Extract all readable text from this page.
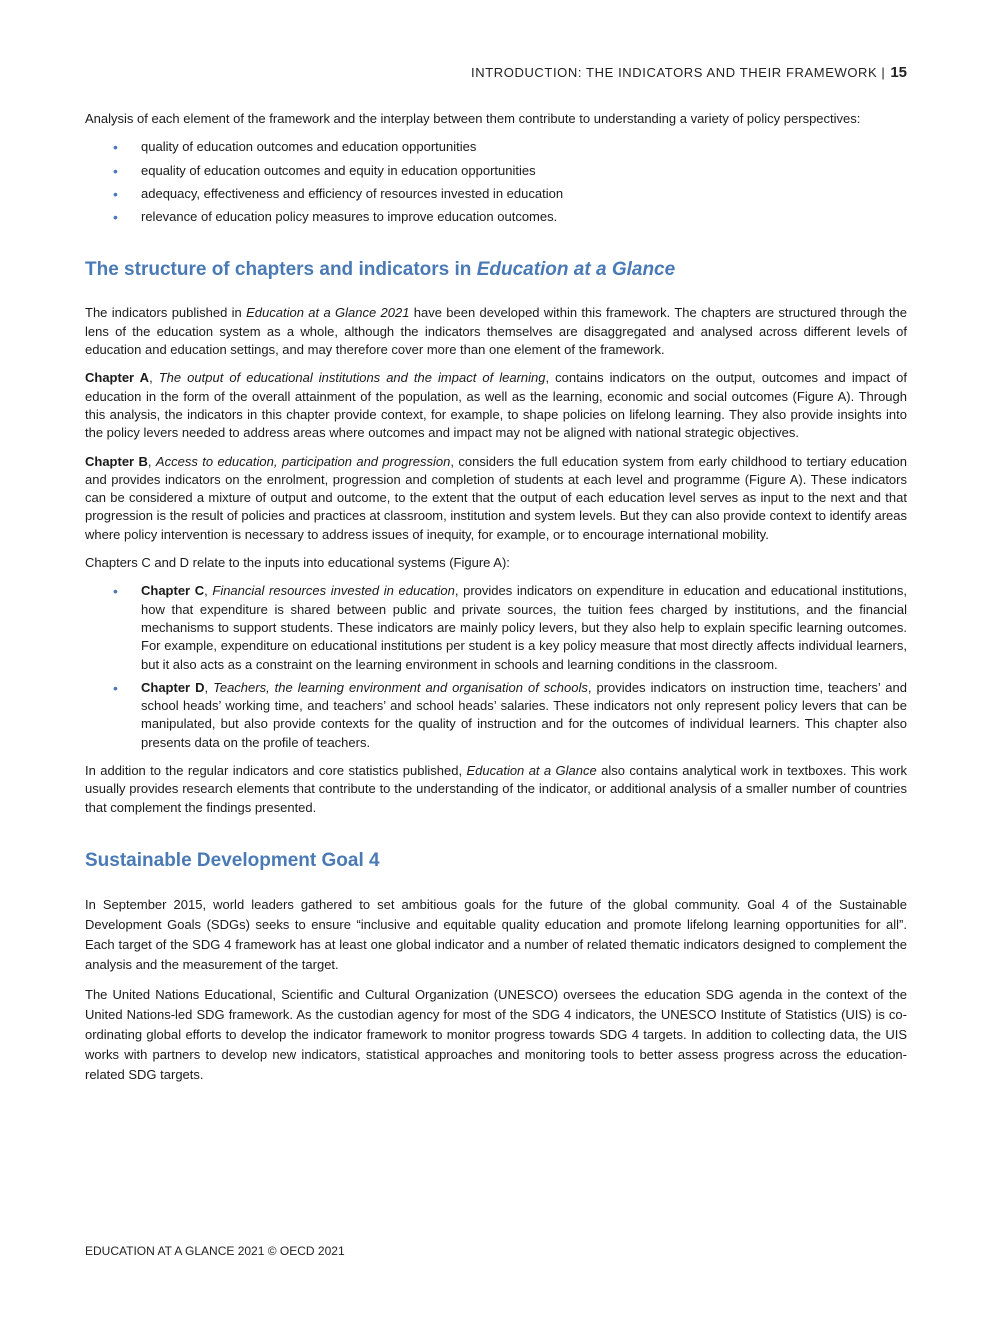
INTRODUCTION: THE INDICATORS AND THEIR FRAMEWORK | 15

Analysis of each element of the framework and the interplay between them contribute to understanding a variety of policy perspectives:

• quality of education outcomes and education opportunities
• equality of education outcomes and equity in education opportunities
• adequacy, effectiveness and efficiency of resources invested in education
• relevance of education policy measures to improve education outcomes.
The structure of chapters and indicators in Education at a Glance

The indicators published in Education at a Glance 2021 have been developed within this framework. The chapters are structured through the lens of the education system as a whole, although the indicators themselves are disaggregated and analysed across different levels of education and education settings, and may therefore cover more than one element of the framework.

Chapter A, The output of educational institutions and the impact of learning, contains indicators on the output, outcomes and impact of education in the form of the overall attainment of the population, as well as the learning, economic and social outcomes (Figure A). Through this analysis, the indicators in this chapter provide context, for example, to shape policies on lifelong learning. They also provide insights into the policy levers needed to address areas where outcomes and impact may not be aligned with national strategic objectives.

Chapter B, Access to education, participation and progression, considers the full education system from early childhood to tertiary education and provides indicators on the enrolment, progression and completion of students at each level and programme (Figure A). These indicators can be considered a mixture of output and outcome, to the extent that the output of each education level serves as input to the next and that progression is the result of policies and practices at classroom, institution and system levels. But they can also provide context to identify areas where policy intervention is necessary to address issues of inequity, for example, or to encourage international mobility.

Chapters C and D relate to the inputs into educational systems (Figure A):

• Chapter C, Financial resources invested in education, provides indicators on expenditure in education and educational institutions, how that expenditure is shared between public and private sources, the tuition fees charged by institutions, and the financial mechanisms to support students. These indicators are mainly policy levers, but they also help to explain specific learning outcomes. For example, expenditure on educational institutions per student is a key policy measure that most directly affects individual learners, but it also acts as a constraint on the learning environment in schools and learning conditions in the classroom.
• Chapter D, Teachers, the learning environment and organisation of schools, provides indicators on instruction time, teachers’ and school heads’ working time, and teachers’ and school heads’ salaries. These indicators not only represent policy levers that can be manipulated, but also provide contexts for the quality of instruction and for the outcomes of individual learners. This chapter also presents data on the profile of teachers.

In addition to the regular indicators and core statistics published, Education at a Glance also contains analytical work in textboxes. This work usually provides research elements that contribute to the understanding of the indicator, or additional analysis of a smaller number of countries that complement the findings presented.

Sustainable Development Goal 4

In September 2015, world leaders gathered to set ambitious goals for the future of the global community. Goal 4 of the Sustainable Development Goals (SDGs) seeks to ensure “inclusive and equitable quality education and promote lifelong learning opportunities for all”. Each target of the SDG 4 framework has at least one global indicator and a number of related thematic indicators designed to complement the analysis and the measurement of the target.

The United Nations Educational, Scientific and Cultural Organization (UNESCO) oversees the education SDG agenda in the context of the United Nations-led SDG framework. As the custodian agency for most of the SDG 4 indicators, the UNESCO Institute of Statistics (UIS) is co-ordinating global efforts to develop the indicator framework to monitor progress towards SDG 4 targets. In addition to collecting data, the UIS works with partners to develop new indicators, statistical approaches and monitoring tools to better assess progress across the education-related SDG targets.

EDUCATION AT A GLANCE 2021 © OECD 2021
